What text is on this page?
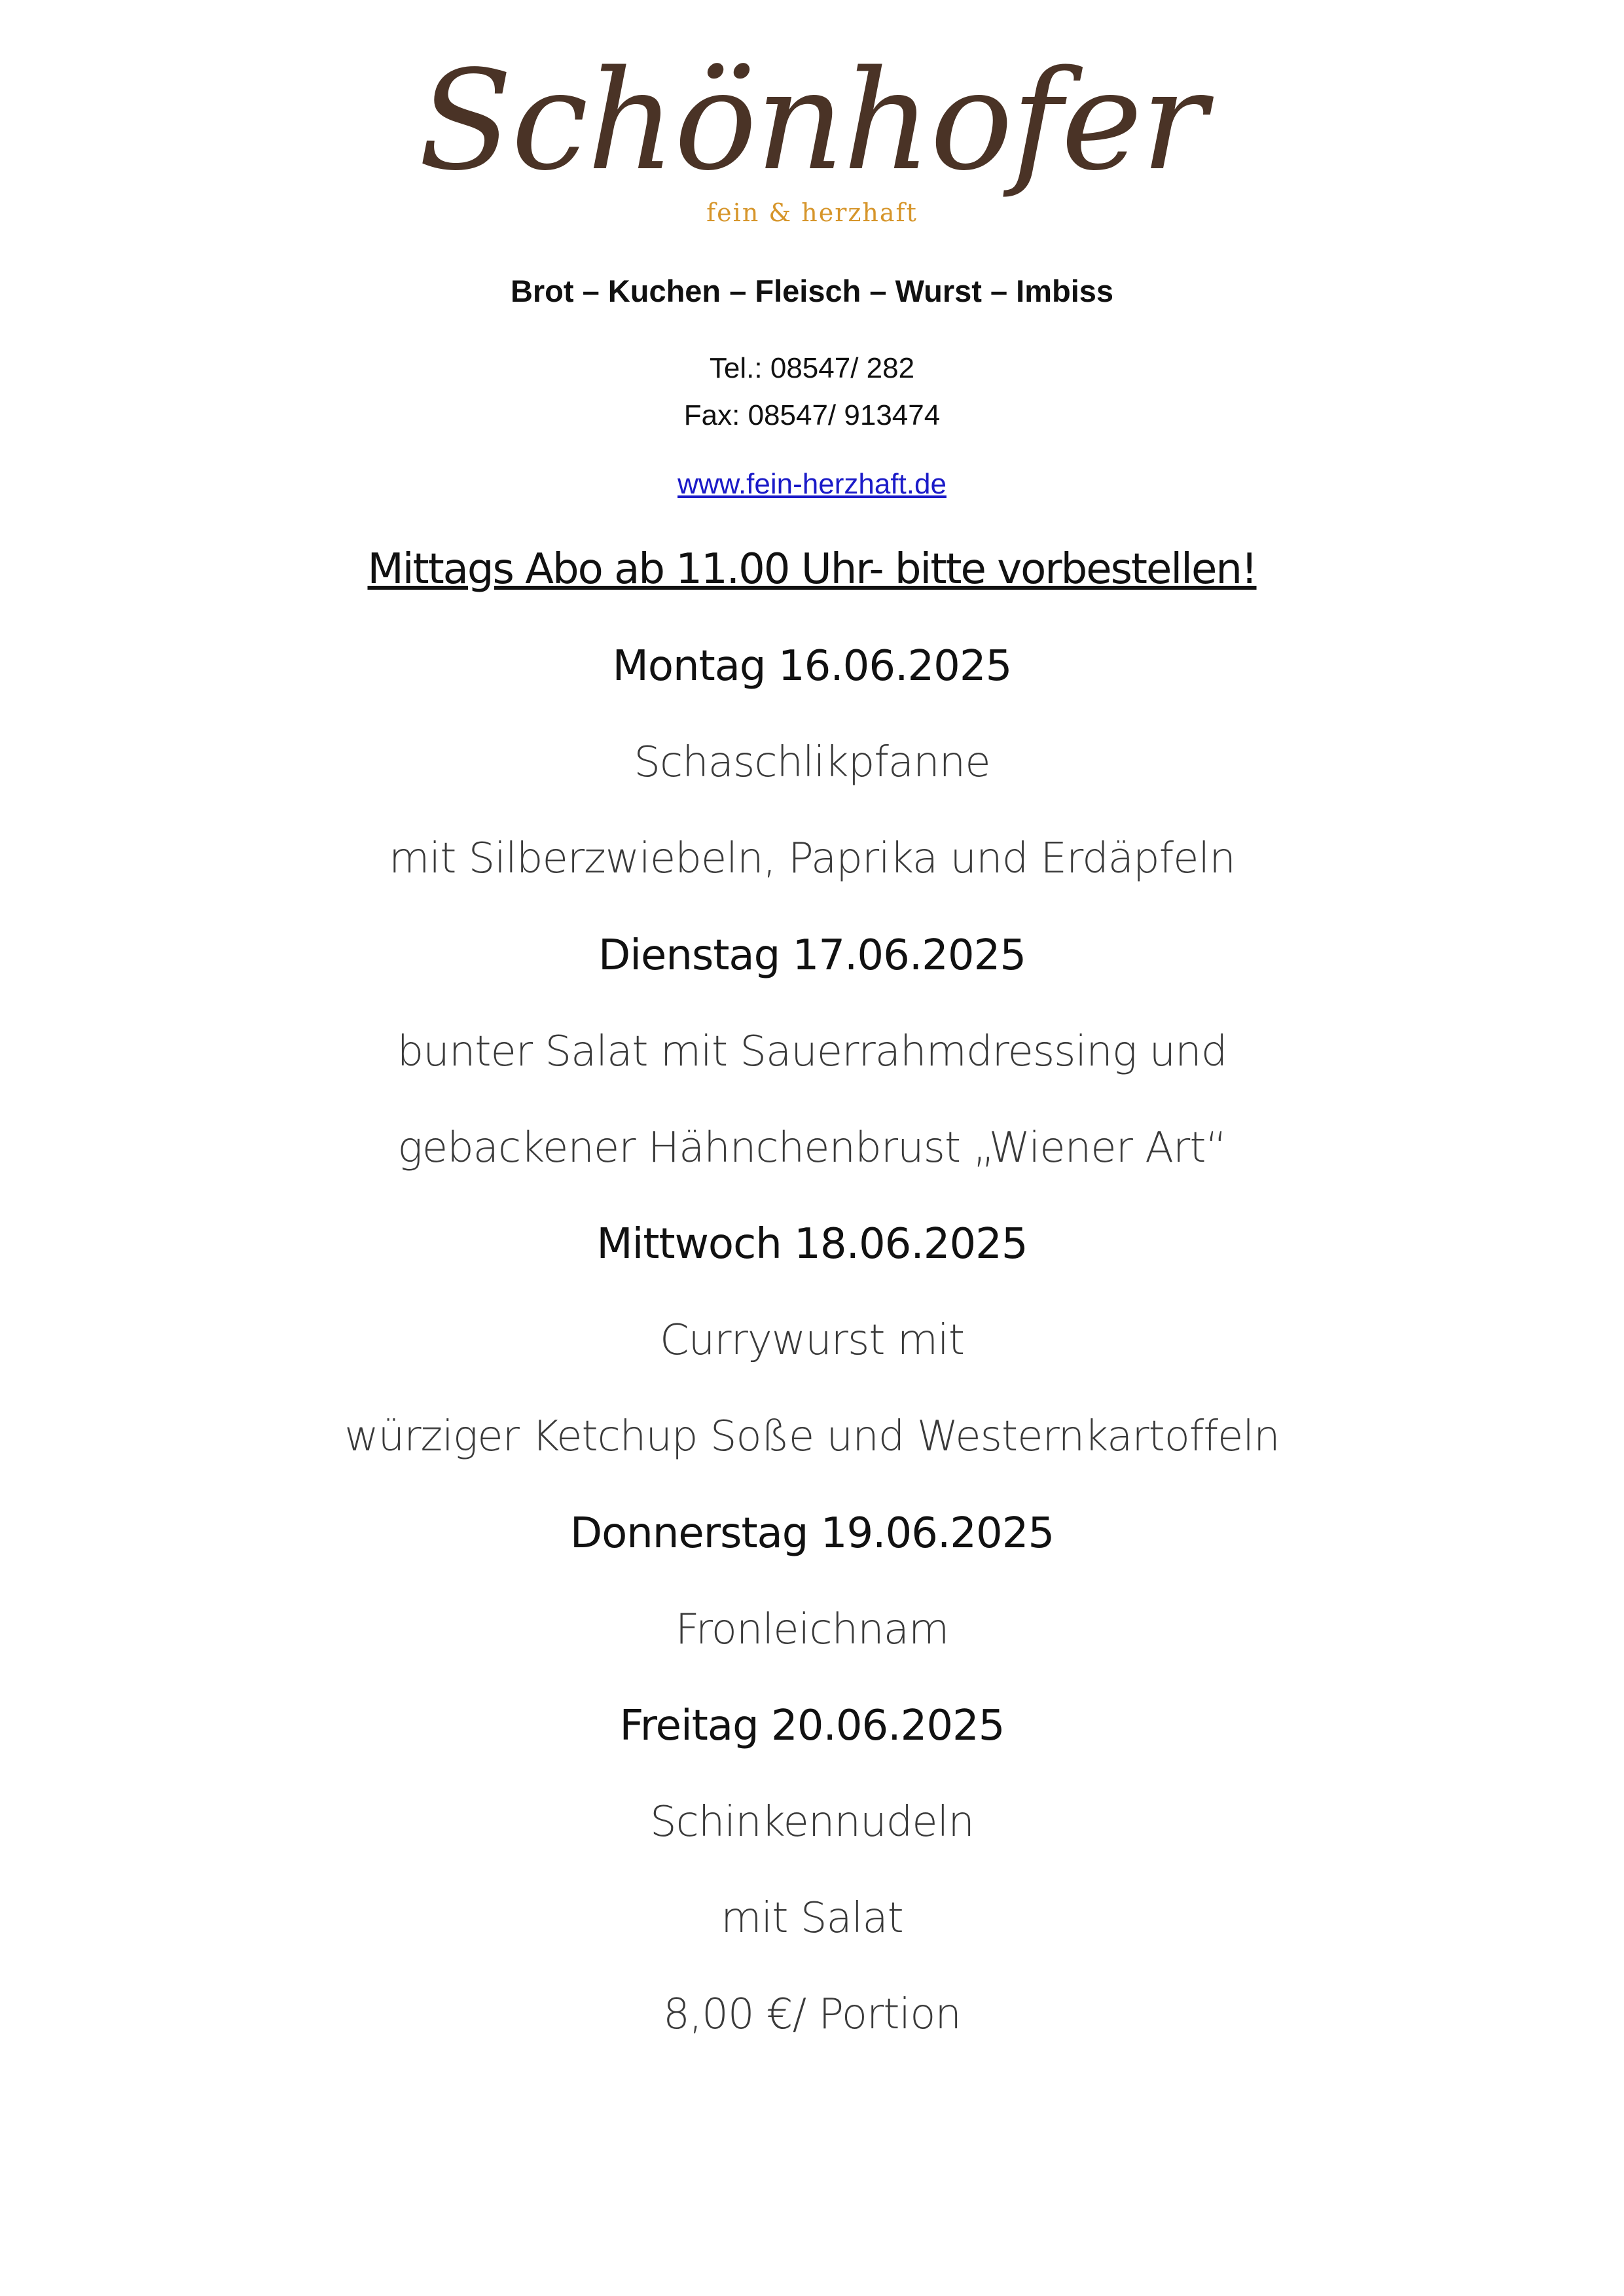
Schönhofer
fein & herzhaft
Brot – Kuchen – Fleisch – Wurst – Imbiss
Tel.: 08547/ 282
Fax: 08547/ 913474
www.fein-herzhaft.de
Mittags Abo ab 11.00 Uhr- bitte vorbestellen!
Montag 16.06.2025
Schaschlikpfanne
mit Silberzwiebeln, Paprika und Erdäpfeln
Dienstag 17.06.2025
bunter Salat mit Sauerrahmdressing und
gebackener Hähnchenbrust „Wiener Art“
Mittwoch 18.06.2025
Currywurst mit
würziger Ketchup Soße und Westernkartoffeln
Donnerstag 19.06.2025
Fronleichnam
Freitag 20.06.2025
Schinkennudeln
mit Salat
8,00 €/ Portion
